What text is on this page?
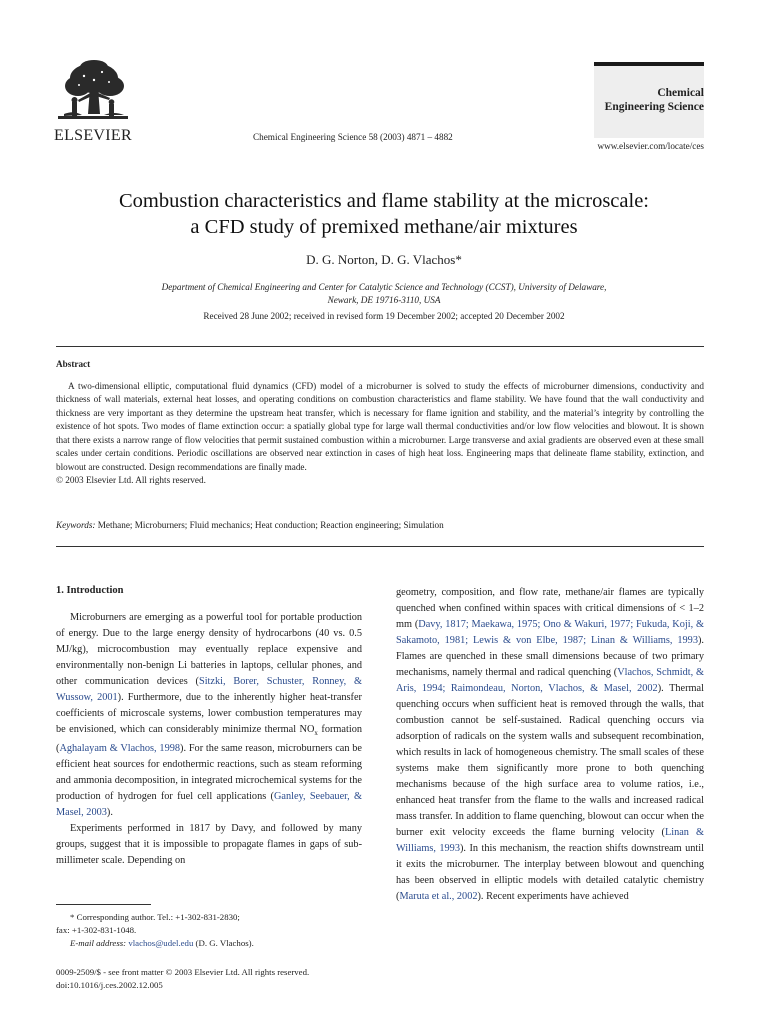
ELSEVIER	Chemical Engineering Science 58 (2003) 4871 – 4882
Chemical
Engineering Science
www.elsevier.com/locate/ces
Combustion characteristics and flame stability at the microscale:
a CFD study of premixed methane/air mixtures
D. G. Norton, D. G. Vlachos*
Department of Chemical Engineering and Center for Catalytic Science and Technology (CCST), University of Delaware,
Newark, DE 19716-3110, USA
Received 28 June 2002; received in revised form 19 December 2002; accepted 20 December 2002
Abstract
A two-dimensional elliptic, computational fluid dynamics (CFD) model of a microburner is solved to study the effects of microburner dimensions, conductivity and thickness of wall materials, external heat losses, and operating conditions on combustion characteristics and flame stability. We have found that the wall conductivity and thickness are very important as they determine the upstream heat transfer, which is necessary for flame ignition and stability, and the material’s integrity by controlling the existence of hot spots. Two modes of flame extinction occur: a spatially global type for large wall thermal conductivities and/or low flow velocities and blowout. It is shown that there exists a narrow range of flow velocities that permit sustained combustion within a microburner. Large transverse and axial gradients are observed even at these small scales under certain conditions. Periodic oscillations are observed near extinction in cases of high heat loss. Engineering maps that delineate flame stability, extinction, and blowout are constructed. Design recommendations are finally made.
© 2003 Elsevier Ltd. All rights reserved.
Keywords: Methane; Microburners; Fluid mechanics; Heat conduction; Reaction engineering; Simulation
1. Introduction

Microburners are emerging as a powerful tool for portable production of energy. Due to the large energy density of hydrocarbons (40 vs. 0.5 MJ/kg), microcombustion may eventually replace expensive and environmentally non-benign Li batteries in laptops, cellular phones, and other communication devices (Sitzki, Borer, Schuster, Ronney, & Wussow, 2001). Furthermore, due to the inherently higher heat-transfer coefficients of microscale systems, lower combustion temperatures may be envisioned, which can considerably minimize thermal $NO_x$ formation (Aghalayam & Vlachos, 1998). For the same reason, microburners can be efficient heat sources for endothermic reactions, such as steam reforming and ammonia decomposition, in integrated microchemical systems for the production of hydrogen for fuel cell applications (Ganley, Seebauer, & Masel, 2003).

Experiments performed in 1817 by Davy, and followed by many groups, suggest that it is impossible to propagate flames in gaps of sub-millimeter scale. Depending on

geometry, composition, and flow rate, methane/air flames are typically quenched when confined within spaces with critical dimensions of < 1–2 mm (Davy, 1817; Maekawa, 1975; Ono & Wakuri, 1977; Fukuda, Koji, & Sakamoto, 1981; Lewis & von Elbe, 1987; Linan & Williams, 1993). Flames are quenched in these small dimensions because of two primary mechanisms, namely thermal and radical quenching (Vlachos, Schmidt, & Aris, 1994; Raimondeau, Norton, Vlachos, & Masel, 2002). Thermal quenching occurs when sufficient heat is removed through the walls, that combustion cannot be self-sustained. Radical quenching occurs via adsorption of radicals on the system walls and subsequent recombination, which results in lack of homogeneous chemistry. The small scales of these systems make them significantly more prone to both quenching mechanisms because of the high surface area to volume ratios, i.e., enhanced heat transfer from the flame to the walls and increased radical mass transfer. In addition to flame quenching, blowout can occur when the burner exit velocity exceeds the flame burning velocity (Linan & Williams, 1993). In this mechanism, the reaction shifts downstream until it exits the microburner. The interplay between blowout and quenching has been observed in elliptic models with detailed catalytic chemistry (Maruta et al., 2002). Recent experiments have achieved

* Corresponding author. Tel.: +1-302-831-2830;
fax: +1-302-831-1048.
E-mail address: vlachos@udel.edu (D. G. Vlachos).
0009-2509/$ - see front matter © 2003 Elsevier Ltd. All rights reserved.
doi:10.1016/j.ces.2002.12.005
